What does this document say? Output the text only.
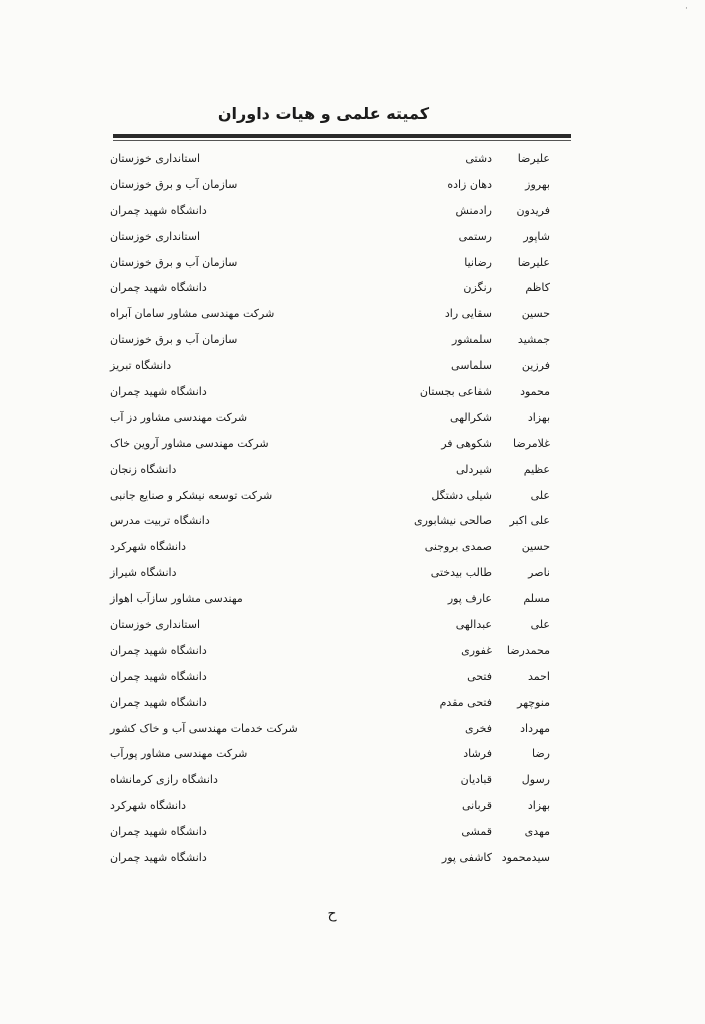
·
کمیته علمی و هیات داوران
علیرضا
دشتی
استانداری خوزستان
بهروز
دهان زاده
سازمان آب و برق خوزستان
فریدون
رادمنش
دانشگاه شهید چمران
شاپور
رستمی
استانداری خوزستان
علیرضا
رضانیا
سازمان آب و برق خوزستان
کاظم
رنگزن
دانشگاه شهید چمران
حسین
سقایی راد
شرکت مهندسی مشاور سامان آبراه
جمشید
سلمشور
سازمان آب و برق خوزستان
فرزین
سلماسی
دانشگاه تبریز
محمود
شفاعی بجستان
دانشگاه شهید چمران
بهزاد
شکرالهی
شرکت مهندسی مشاور دز آب
غلامرضا
شکوهی فر
شرکت مهندسی مشاور آروین خاک
عظیم
شیردلی
دانشگاه زنجان
علی
شیلی دشتگل
شرکت توسعه نیشکر و صنایع جانبی
علی اکبر
صالحی نیشابوری
دانشگاه تربیت مدرس
حسین
صمدی بروجنی
دانشگاه شهرکرد
ناصر
طالب بیدختی
دانشگاه شیراز
مسلم
عارف پور
مهندسی مشاور سازآب اهواز
علی
عبدالهی
استانداری خوزستان
محمدرضا
غفوری
دانشگاه شهید چمران
احمد
فتحی
دانشگاه شهید چمران
منوچهر
فتحی مقدم
دانشگاه شهید چمران
مهرداد
فخری
شرکت خدمات مهندسی آب و خاک کشور
رضا
فرشاد
شرکت مهندسی مشاور پورآب
رسول
قبادیان
دانشگاه رازی کرمانشاه
بهزاد
قربانی
دانشگاه شهرکرد
مهدی
قمشی
دانشگاه شهید چمران
سیدمحمود
کاشفی پور
دانشگاه شهید چمران
ح
